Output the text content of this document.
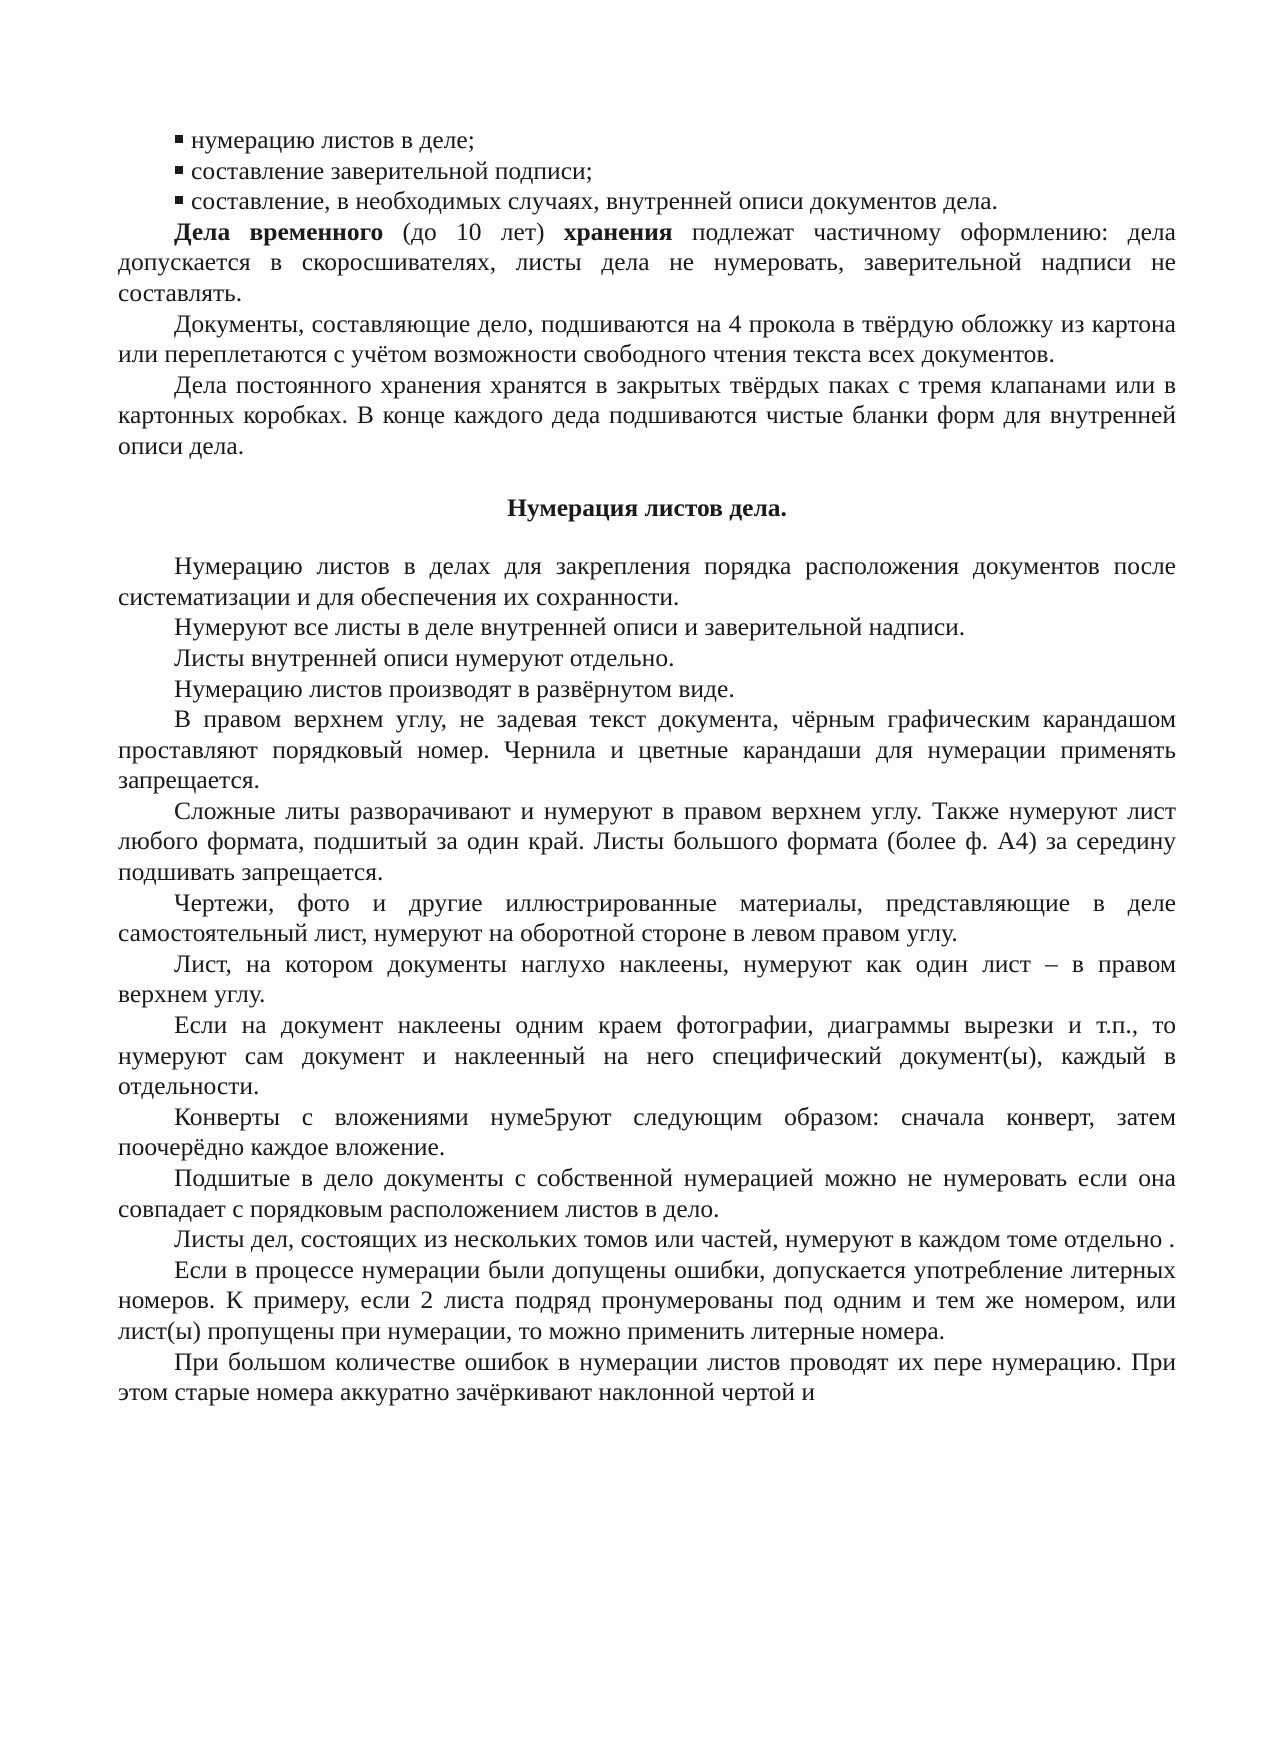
нумерацию листов в деле;
составление заверительной подписи;
составление, в необходимых случаях, внутренней описи документов дела.

Дела временного (до 10 лет) хранения подлежат частичному оформлению: дела допускается в скоросшивателях, листы дела не нумеровать, заверительной надписи не составлять.

Документы, составляющие дело, подшиваются на 4 прокола в твёрдую обложку из картона или переплетаются с учётом возможности свободного чтения текста всех документов.

Дела постоянного хранения хранятся в закрытых твёрдых паках с тремя клапанами или в картонных коробках. В конце каждого деда подшиваются чистые бланки форм для внутренней описи дела.

Нумерация листов дела.

Нумерацию листов в делах для закрепления порядка расположения документов после систематизации и для обеспечения их сохранности.

Нумеруют все листы в деле внутренней описи и заверительной надписи.

Листы внутренней описи нумеруют отдельно.

Нумерацию листов производят в развёрнутом виде.

В правом верхнем углу, не задевая текст документа, чёрным графическим карандашом проставляют порядковый номер. Чернила и цветные карандаши для нумерации применять запрещается.

Сложные литы разворачивают и нумеруют в правом верхнем углу. Также нумеруют лист любого формата, подшитый за один край. Листы большого формата (более ф. А4) за середину подшивать запрещается.

Чертежи, фото и другие иллюстрированные материалы, представляющие в деле самостоятельный лист, нумеруют на оборотной стороне в левом правом углу.

Лист, на котором документы наглухо наклеены, нумеруют как один лист – в правом верхнем углу.

Если на документ наклеены одним краем фотографии, диаграммы вырезки и т.п., то нумеруют сам документ и наклеенный на него специфический документ(ы), каждый в отдельности.

Конверты с вложениями нуме5руют следующим образом: сначала конверт, затем поочерёдно каждое вложение.

Подшитые в дело документы с собственной нумерацией можно не нумеровать если она совпадает с порядковым расположением листов в дело.

Листы дел, состоящих из нескольких томов или частей, нумеруют в каждом томе отдельно .

Если в процессе нумерации были допущены ошибки, допускается употребление литерных номеров. К примеру, если 2 листа подряд пронумерованы под одним и тем же номером, или лист(ы) пропущены при нумерации, то можно применить литерные номера.

При большом количестве ошибок в нумерации листов проводят их пере нумерацию. При этом старые номера аккуратно зачёркивают наклонной чертой и
